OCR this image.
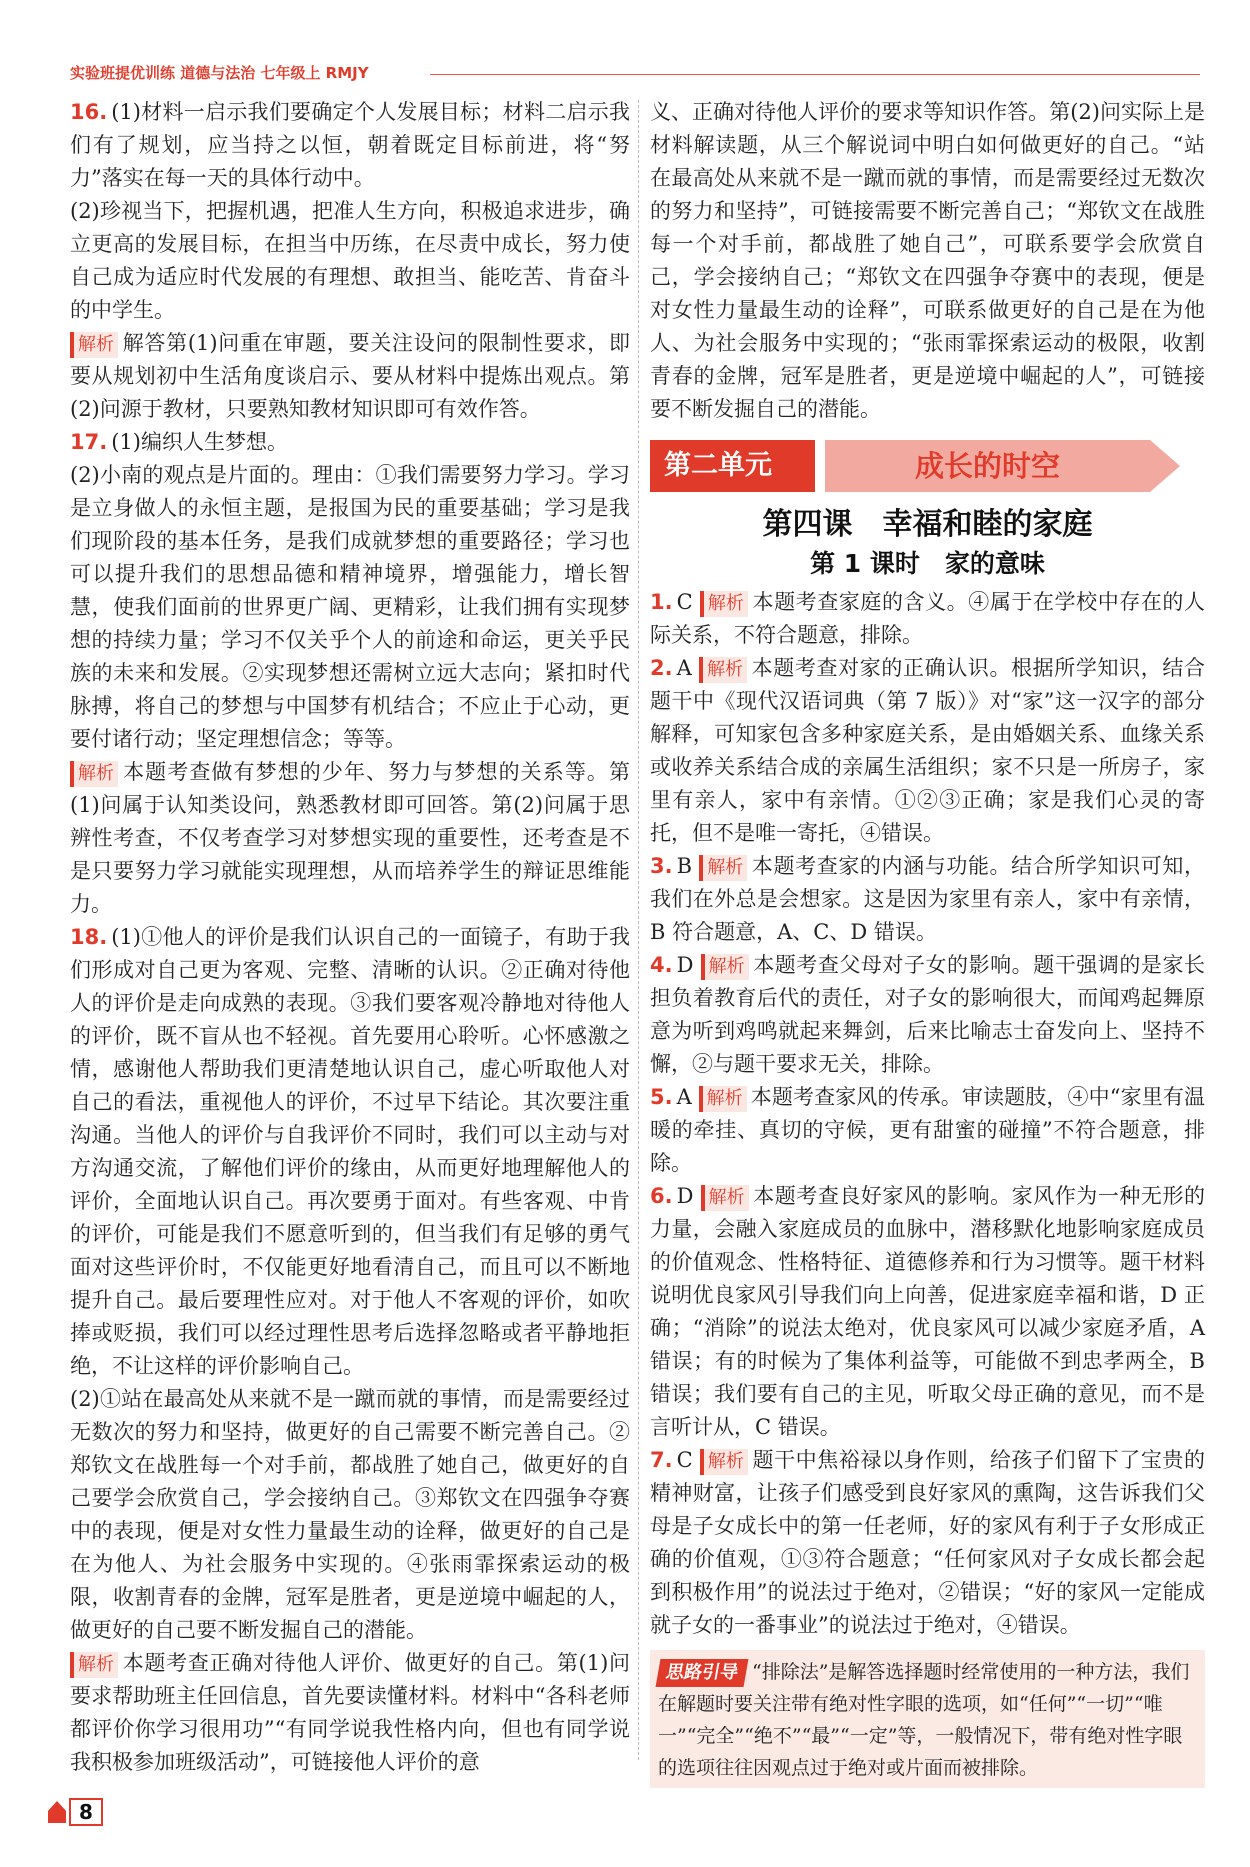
实验班提优训练 道德与法治 七年级上 RMJY

16. (1)材料一启示我们要确定个人发展目标；材料二启示我们有了规划，应当持之以恒，朝着既定目标前进，将“努力”落实在每一天的具体行动中。

(2)珍视当下，把握机遇，把准人生方向，积极追求进步，确立更高的发展目标，在担当中历练，在尽责中成长，努力使自己成为适应时代发展的有理想、敢担当、能吃苦、肯奋斗的中学生。

解析 解答第(1)问重在审题，要关注设问的限制性要求，即要从规划初中生活角度谈启示、要从材料中提炼出观点。第(2)问源于教材，只要熟知教材知识即可有效作答。

17. (1)编织人生梦想。

(2)小南的观点是片面的。理由：①我们需要努力学习。学习是立身做人的永恒主题，是报国为民的重要基础；学习是我们现阶段的基本任务，是我们成就梦想的重要路径；学习也可以提升我们的思想品德和精神境界，增强能力，增长智慧，使我们面前的世界更广阔、更精彩，让我们拥有实现梦想的持续力量；学习不仅关乎个人的前途和命运，更关乎民族的未来和发展。②实现梦想还需树立远大志向；紧扣时代脉搏，将自己的梦想与中国梦有机结合；不应止于心动，更要付诸行动；坚定理想信念；等等。

解析 本题考查做有梦想的少年、努力与梦想的关系等。第(1)问属于认知类设问，熟悉教材即可回答。第(2)问属于思辨性考查，不仅考查学习对梦想实现的重要性，还考查是不是只要努力学习就能实现理想，从而培养学生的辩证思维能力。

18. (1)①他人的评价是我们认识自己的一面镜子，有助于我们形成对自己更为客观、完整、清晰的认识。②正确对待他人的评价是走向成熟的表现。③我们要客观冷静地对待他人的评价，既不盲从也不轻视。首先要用心聆听。心怀感激之情，感谢他人帮助我们更清楚地认识自己，虚心听取他人对自己的看法，重视他人的评价，不过早下结论。其次要注重沟通。当他人的评价与自我评价不同时，我们可以主动与对方沟通交流，了解他们评价的缘由，从而更好地理解他人的评价，全面地认识自己。再次要勇于面对。有些客观、中肯的评价，可能是我们不愿意听到的，但当我们有足够的勇气面对这些评价时，不仅能更好地看清自己，而且可以不断地提升自己。最后要理性应对。对于他人不客观的评价，如吹捧或贬损，我们可以经过理性思考后选择忽略或者平静地拒绝，不让这样的评价影响自己。

(2)①站在最高处从来就不是一蹴而就的事情，而是需要经过无数次的努力和坚持，做更好的自己需要不断完善自己。②郑钦文在战胜每一个对手前，都战胜了她自己，做更好的自己要学会欣赏自己，学会接纳自己。③郑钦文在四强争夺赛中的表现，便是对女性力量最生动的诠释，做更好的自己是在为他人、为社会服务中实现的。④张雨霏探索运动的极限，收割青春的金牌，冠军是胜者，更是逆境中崛起的人，做更好的自己要不断发掘自己的潜能。

解析 本题考查正确对待他人评价、做更好的自己。第(1)问要求帮助班主任回信息，首先要读懂材料。材料中“各科老师都评价你学习很用功”“有同学说我性格内向，但也有同学说我积极参加班级活动”，可链接他人评价的意

义、正确对待他人评价的要求等知识作答。第(2)问实际上是材料解读题，从三个解说词中明白如何做更好的自己。“站在最高处从来就不是一蹴而就的事情，而是需要经过无数次的努力和坚持”，可链接需要不断完善自己；“郑钦文在战胜每一个对手前，都战胜了她自己”，可联系要学会欣赏自己，学会接纳自己；“郑钦文在四强争夺赛中的表现，便是对女性力量最生动的诠释”，可联系做更好的自己是在为他人、为社会服务中实现的；“张雨霏探索运动的极限，收割青春的金牌，冠军是胜者，更是逆境中崛起的人”，可链接要不断发掘自己的潜能。

第二单元	成长的时空
第四课　幸福和睦的家庭
第 1 课时　家的意味

1. C 解析 本题考查家庭的含义。④属于在学校中存在的人际关系，不符合题意，排除。

2. A 解析 本题考查对家的正确认识。根据所学知识，结合题干中《现代汉语词典（第 7 版）》对“家”这一汉字的部分解释，可知家包含多种家庭关系，是由婚姻关系、血缘关系或收养关系结合成的亲属生活组织；家不只是一所房子，家里有亲人，家中有亲情。①②③正确；家是我们心灵的寄托，但不是唯一寄托，④错误。

3. B 解析 本题考查家的内涵与功能。结合所学知识可知，我们在外总是会想家。这是因为家里有亲人，家中有亲情，B 符合题意，A、C、D 错误。

4. D 解析 本题考查父母对子女的影响。题干强调的是家长担负着教育后代的责任，对子女的影响很大，而闻鸡起舞原意为听到鸡鸣就起来舞剑，后来比喻志士奋发向上、坚持不懈，②与题干要求无关，排除。

5. A 解析 本题考查家风的传承。审读题肢，④中“家里有温暖的牵挂、真切的守候，更有甜蜜的碰撞”不符合题意，排除。

6. D 解析 本题考查良好家风的影响。家风作为一种无形的力量，会融入家庭成员的血脉中，潜移默化地影响家庭成员的价值观念、性格特征、道德修养和行为习惯等。题干材料说明优良家风引导我们向上向善，促进家庭幸福和谐，D 正确；“消除”的说法太绝对，优良家风可以减少家庭矛盾，A 错误；有的时候为了集体利益等，可能做不到忠孝两全，B 错误；我们要有自己的主见，听取父母正确的意见，而不是言听计从，C 错误。

7. C 解析 题干中焦裕禄以身作则，给孩子们留下了宝贵的精神财富，让孩子们感受到良好家风的熏陶，这告诉我们父母是子女成长中的第一任老师，好的家风有利于子女形成正确的价值观，①③符合题意；“任何家风对子女成长都会起到积极作用”的说法过于绝对，②错误；“好的家风一定能成就子女的一番事业”的说法过于绝对，④错误。

思路引导 “排除法”是解答选择题时经常使用的一种方法，我们在解题时要关注带有绝对性字眼的选项，如“任何”“一切”“唯一”“完全”“绝不”“最”“一定”等，一般情况下，带有绝对性字眼的选项往往因观点过于绝对或片面而被排除。
8
